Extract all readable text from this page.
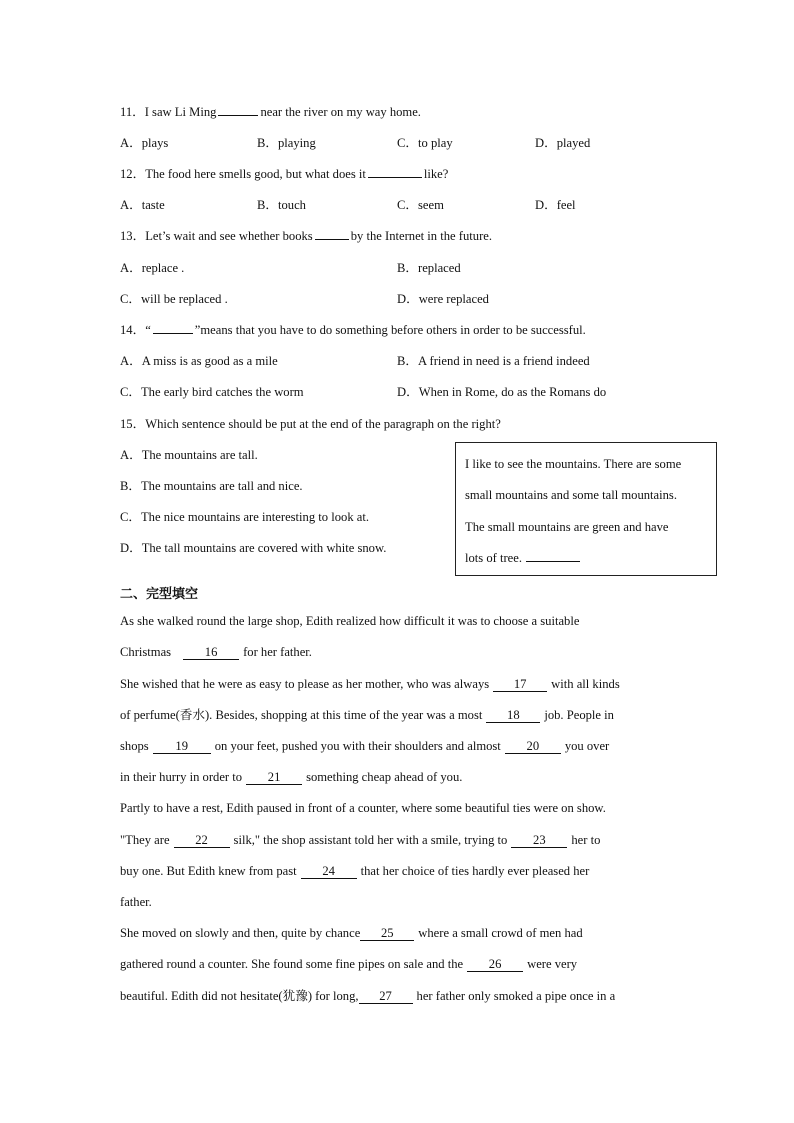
11．I saw Li Ming	near the river on my way home.
A．plays	B．playing	C．to play	D．played
12．The food here smells good, but what does it	like?
A．taste	B．touch	C．seem	D．feel
13．Let’s wait and see whether books	by the Internet in the future.
A．replace .	B．replaced
C．will be replaced .	D．were replaced
14．“	”means that you have to do something before others in order to be successful.
A．A miss is as good as a mile	B．A friend in need is a friend indeed
C．The early bird catches the worm	D．When in Rome, do as the Romans do
15．Which sentence should be put at the end of the paragraph on the right?
A．The mountains are tall.
B．The mountains are tall and nice.
C．The nice mountains are interesting to look at.
D．The tall mountains are covered with white snow.
I like to see the mountains. There are some
small mountains and some tall mountains.
The small mountains are green and have
lots of tree.
二、完型填空
As she walked round the large shop, Edith realized how difficult it was to choose a suitable
Christmas	16 for her father.
She wished that he were as easy to please as her mother, who was always 17 with all kinds
of perfume(香水). Besides, shopping at this time of the year was a most 18 job. People in
shops 19 on your feet, pushed you with their shoulders and almost 20 you over
in their hurry in order to 21 something cheap ahead of you.
Partly to have a rest, Edith paused in front of a counter, where some beautiful ties were on show.
"They are 22 silk," the shop assistant told her with a smile, trying to 23 her to
buy one. But Edith knew from past 24 that her choice of ties hardly ever pleased her
father.
She moved on slowly and then, quite by chance 25 where a small crowd of men had
gathered round a counter. She found some fine pipes on sale and the 26 were very
beautiful. Edith did not hesitate(犹豫) for long, 27 her father only smoked a pipe once in a
